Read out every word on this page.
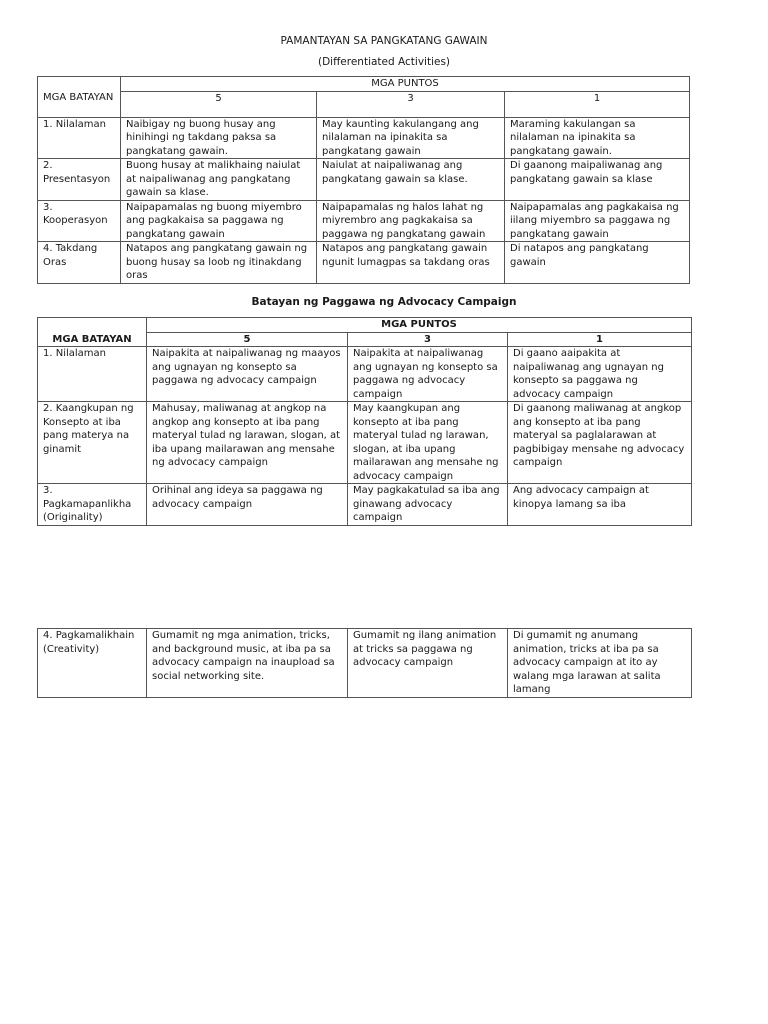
PAMANTAYAN SA PANGKATANG GAWAIN
(Differentiated Activities)
MGA BATAYAN	MGA PUNTOS		
	5	3	1
1. Nilalaman	Naibigay ng buong husay ang hinihingi ng takdang paksa sa pangkatang gawain.	May kaunting kakulangang ang nilalaman na ipinakita sa pangkatang gawain	Maraming kakulangan sa nilalaman na ipinakita sa pangkatang gawain.
2. Presentasyon	Buong husay at malikhaing naiulat at naipaliwanag ang pangkatang gawain sa klase.	Naiulat at naipaliwanag ang pangkatang gawain sa klase.	Di gaanong maipaliwanag ang pangkatang gawain sa klase
3. Kooperasyon	Naipapamalas ng buong miyembro ang pagkakaisa sa paggawa ng pangkatang gawain	Naipapamalas ng halos lahat ng miyrembro ang pagkakaisa sa paggawa ng pangkatang gawain	Naipapamalas ang pagkakaisa ng iilang miyembro sa paggawa ng pangkatang gawain
4. Takdang Oras	Natapos ang pangkatang gawain ng buong husay sa loob ng itinakdang oras	Natapos ang pangkatang gawain ngunit lumagpas sa takdang oras	Di natapos ang pangkatang gawain
Batayan ng Paggawa ng Advocacy Campaign
MGA BATAYAN	MGA PUNTOS		
	5	3	1
1. Nilalaman	Naipakita at naipaliwanag ng maayos ang ugnayan ng konsepto sa paggawa ng advocacy campaign	Naipakita at naipaliwanag ang ugnayan ng konsepto sa paggawa ng advocacy campaign	Di gaano aaipakita at naipaliwanag ang ugnayan ng konsepto sa paggawa ng advocacy campaign
2. Kaangkupan ng Konsepto at iba pang materya na ginamit	Mahusay, maliwanag at angkop na angkop ang konsepto at iba pang materyal tulad ng larawan, slogan, at iba upang mailarawan ang mensahe ng advocacy campaign	May kaangkupan ang konsepto at iba pang materyal tulad ng larawan, slogan, at iba upang mailarawan ang mensahe ng advocacy campaign	Di gaanong maliwanag at angkop ang konsepto at iba pang materyal sa paglalarawan at pagbibigay mensahe ng advocacy campaign
3. Pagkamapanlikha (Originality)	Orihinal ang ideya sa paggawa ng advocacy campaign	May pagkakatulad sa iba ang ginawang advocacy campaign	Ang advocacy campaign at kinopya lamang sa iba
4. Pagkamalikhain (Creativity)	Gumamit ng mga animation, tricks, and background music, at iba pa sa advocacy campaign na inaupload sa social networking site.	Gumamit ng ilang animation at tricks sa paggawa ng advocacy campaign	Di gumamit ng anumang animation, tricks at iba pa sa advocacy campaign at ito ay walang mga larawan at salita lamang
